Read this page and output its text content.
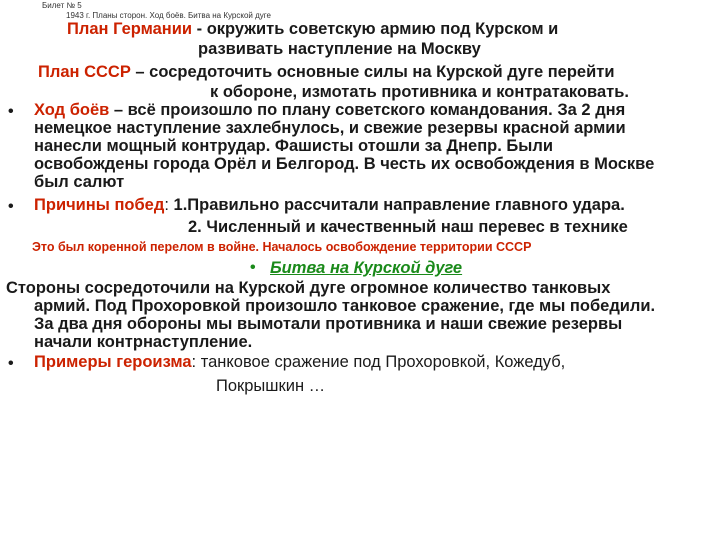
Билет № 5
1943 г. Планы сторон. Ход боёв. Битва на Курской дуге
План Германии - окружить советскую армию под Курском и
развивать наступление на Москву
План СССР – сосредоточить основные силы на Курской дуге перейти
к обороне, измотать противника и контратаковать.
• Ход боёв – всё произошло по плану советского командования. За 2 дня
немецкое наступление захлебнулось, и свежие резервы красной армии
нанесли мощный контрудар. Фашисты отошли за Днепр. Были
освобождены города Орёл и Белгород. В честь их освобождения в Москве
был салют
• Причины побед: 1.Правильно рассчитали направление главного удара.
2. Численный и качественный наш перевес в технике
Это был коренной перелом в войне. Началось освобождение территории СССР
• Битва на Курской дуге
Стороны сосредоточили на Курской дуге огромное количество танковых
армий. Под Прохоровкой произошло танковое сражение, где мы победили.
За два дня обороны мы вымотали противника и наши свежие резервы
начали контрнаступление.
• Примеры героизма: танковое сражение под Прохоровкой, Кожедуб,
Покрышкин …
